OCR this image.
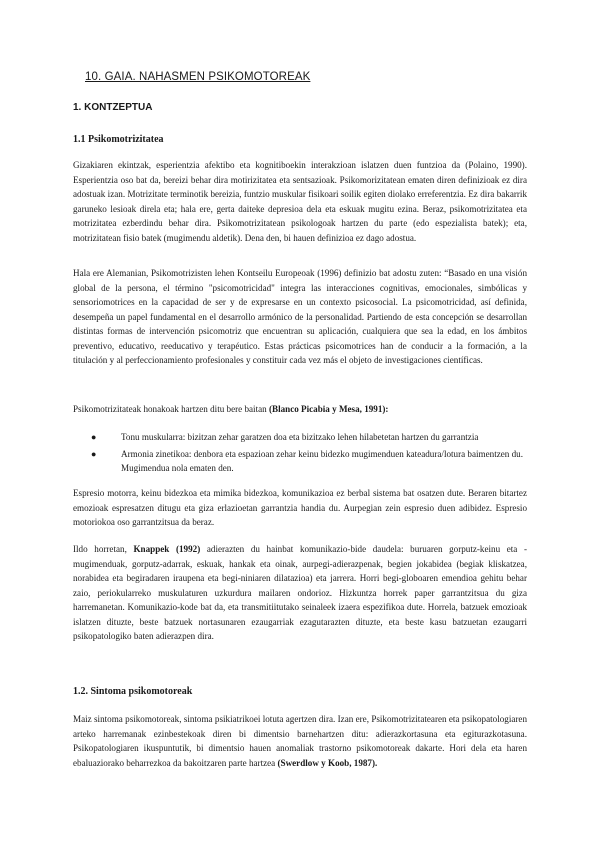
10. GAIA. NAHASMEN PSIKOMOTOREAK
1. KONTZEPTUA
1.1 Psikomotrizitatea

Gizakiaren ekintzak, esperientzia afektibo eta kognitiboekin interakzioan islatzen duen funtzioa da (Polaino, 1990). Esperientzia oso bat da, bereizi behar dira motirizitatea eta sentsazioak. Psikomorizitatean ematen diren definizioak ez dira adostuak izan. Motrizitate terminotik bereizia, funtzio muskular fisikoari soilik egiten diolako erreferentzia. Ez dira bakarrik garuneko lesioak direla eta; hala ere, gerta daiteke depresioa dela eta eskuak mugitu ezina. Beraz, psikomotrizitatea eta motrizitatea ezberdindu behar dira. Psikomotrizitatean psikologoak hartzen du parte (edo espezialista batek); eta, motrizitatean fisio batek (mugimendu aldetik). Dena den, bi hauen definizioa ez dago adostua.

Hala ere Alemanian, Psikomotrizisten lehen Kontseilu Europeoak (1996) definizio bat adostu zuten: “Basado en una visión global de la persona, el término "psicomotricidad" integra las interacciones cognitivas, emocionales, simbólicas y sensoriomotrices en la capacidad de ser y de expresarse en un contexto psicosocial. La psicomotricidad, así definida, desempeña un papel fundamental en el desarrollo armónico de la personalidad. Partiendo de esta concepción se desarrollan distintas formas de intervención psicomotriz que encuentran su aplicación, cualquiera que sea la edad, en los ámbitos preventivo, educativo, reeducativo y terapéutico. Estas prácticas psicomotrices han de conducir a la formación, a la titulación y al perfeccionamiento profesionales y constituir cada vez más el objeto de investigaciones científicas.

Psikomotrizitateak honakoak hartzen ditu bere baitan (Blanco Picabia y Mesa, 1991):

●	Tonu muskularra: bizitzan zehar garatzen doa eta bizitzako lehen hilabetetan hartzen du garrantzia
●	Armonia zinetikoa: denbora eta espazioan zehar keinu bidezko mugimenduen kateadura/lotura baimentzen du. Mugimendua nola ematen den.

Espresio motorra, keinu bidezkoa eta mimika bidezkoa, komunikazioa ez berbal sistema bat osatzen dute. Beraren bitartez emozioak espresatzen ditugu eta giza erlazioetan garrantzia handia du. Aurpegian zein espresio duen adibidez. Espresio motoriokoa oso garrantzitsua da beraz.

Ildo horretan, Knappek (1992) adierazten du hainbat komunikazio-bide daudela: buruaren gorputz-keinu eta -mugimenduak, gorputz-adarrak, eskuak, hankak eta oinak, aurpegi-adierazpenak, begien jokabidea (begiak kliskatzea, norabidea eta begiradaren iraupena eta begi-niniaren dilatazioa) eta jarrera. Horri begi-globoaren emendioa gehitu behar zaio, periokularreko muskulaturen uzkurdura mailaren ondorioz. Hizkuntza horrek paper garrantzitsua du giza harremanetan. Komunikazio-kode bat da, eta transmitiitutako seinaleek izaera espezifikoa dute. Horrela, batzuek emozioak islatzen dituzte, beste batzuek nortasunaren ezaugarriak ezagutarazten dituzte, eta beste kasu batzuetan ezaugarri psikopatologiko baten adierazpen dira.

1.2. Sintoma psikomotoreak

Maiz sintoma psikomotoreak, sintoma psikiatrikoei lotuta agertzen dira. Izan ere, Psikomotrizitatearen eta psikopatologiaren arteko harremanak ezinbestekoak diren bi dimentsio barnehartzen ditu: adierazkortasuna eta egiturazkotasuna. Psikopatologiaren ikuspuntutik, bi dimentsio hauen anomaliak trastorno psikomotoreak dakarte. Hori dela eta haren ebaluaziorako beharrezkoa da bakoitzaren parte hartzea (Swerdlow y Koob, 1987).
